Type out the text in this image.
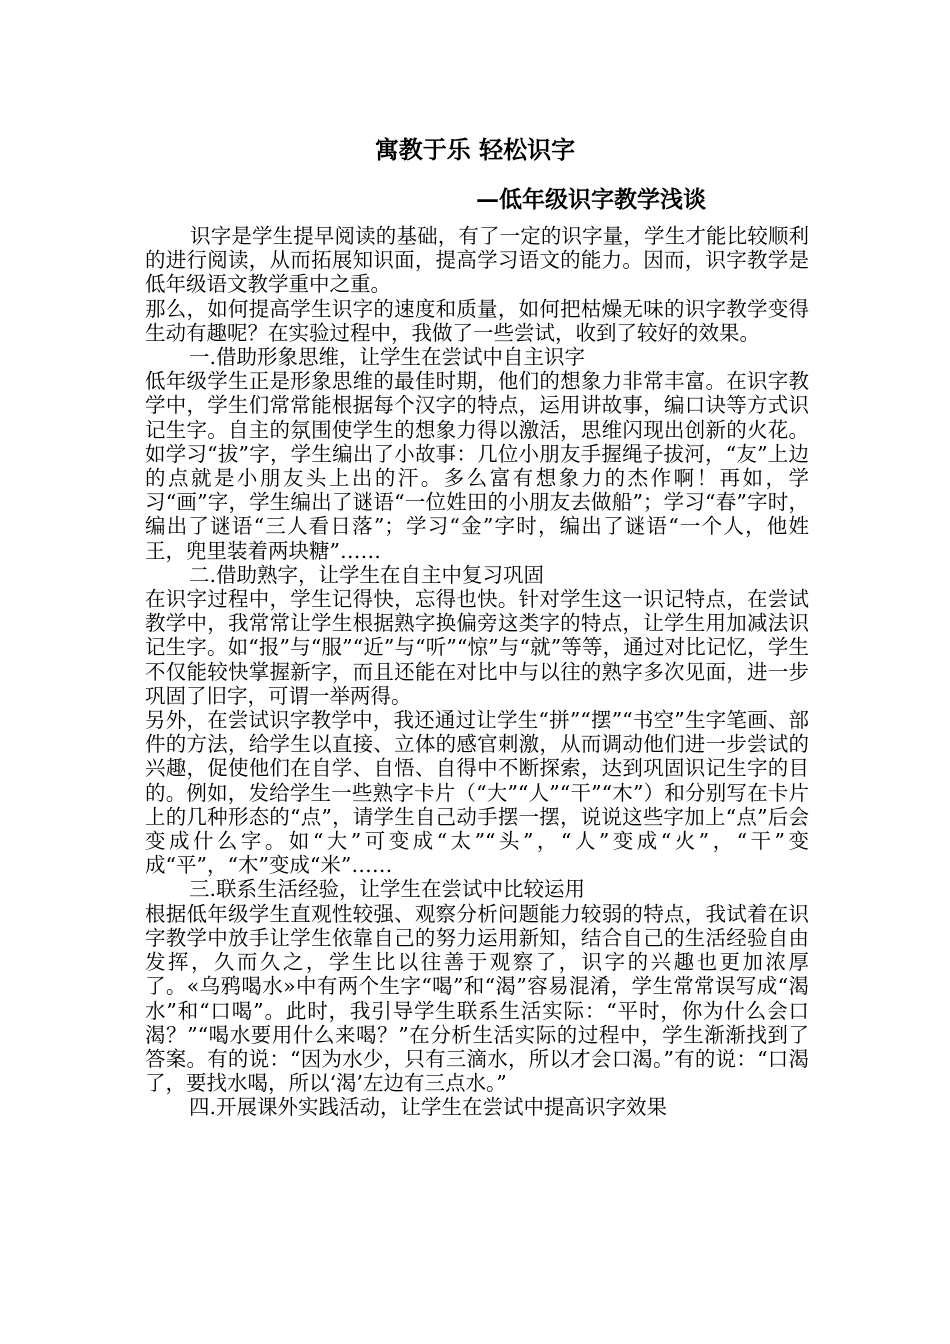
寓教于乐 轻松识字
—低年级识字教学浅谈

识字是学生提早阅读的基础，有了一定的识字量，学生才能比较顺利的进行阅读，从而拓展知识面，提高学习语文的能力。因而，识字教学是低年级语文教学重中之重。

那么，如何提高学生识字的速度和质量，如何把枯燥无味的识字教学变得生动有趣呢？在实验过程中，我做了一些尝试，收到了较好的效果。

一.借助形象思维，让学生在尝试中自主识字

低年级学生正是形象思维的最佳时期，他们的想象力非常丰富。在识字教学中，学生们常常能根据每个汉字的特点，运用讲故事，编口诀等方式识记生字。自主的氛围使学生的想象力得以激活，思维闪现出创新的火花。如学习“拔”字，学生编出了小故事：几位小朋友手握绳子拔河，“友”上边的点就是小朋友头上出的汗。多么富有想象力的杰作啊！再如，学习“画”字，学生编出了谜语“一位姓田的小朋友去做船”；学习“春”字时，编出了谜语“三人看日落”；学习“金”字时，编出了谜语“一个人，他姓王，兜里装着两块糖”……

二.借助熟字，让学生在自主中复习巩固

在识字过程中，学生记得快，忘得也快。针对学生这一识记特点，在尝试教学中，我常常让学生根据熟字换偏旁这类字的特点，让学生用加减法识记生字。如“报”与“服”“近”与“听”“惊”与“就”等等，通过对比记忆，学生不仅能较快掌握新字，而且还能在对比中与以往的熟字多次见面，进一步巩固了旧字，可谓一举两得。

另外，在尝试识字教学中，我还通过让学生“拼”“摆”“书空”生字笔画、部件的方法，给学生以直接、立体的感官刺激，从而调动他们进一步尝试的兴趣，促使他们在自学、自悟、自得中不断探索，达到巩固识记生字的目的。例如，发给学生一些熟字卡片（“大”“人”“干”“木”）和分别写在卡片上的几种形态的“点”，请学生自己动手摆一摆，说说这些字加上“点”后会变成什么字。如“大”可变成“太”“头”，“人”变成“火”，“干”变成“平”，“木”变成“米”……

三.联系生活经验，让学生在尝试中比较运用

根据低年级学生直观性较强、观察分析问题能力较弱的特点，我试着在识字教学中放手让学生依靠自己的努力运用新知，结合自己的生活经验自由发挥，久而久之，学生比以往善于观察了，识字的兴趣也更加浓厚了。«乌鸦喝水»中有两个生字“喝”和“渴”容易混淆，学生常常误写成“渴水”和“口喝”。此时，我引导学生联系生活实际：“平时，你为什么会口渴？”“喝水要用什么来喝？”在分析生活实际的过程中，学生渐渐找到了答案。有的说：“因为水少，只有三滴水，所以才会口渴。”有的说：“口渴了，要找水喝，所以‘渴’左边有三点水。”

四.开展课外实践活动，让学生在尝试中提高识字效果
